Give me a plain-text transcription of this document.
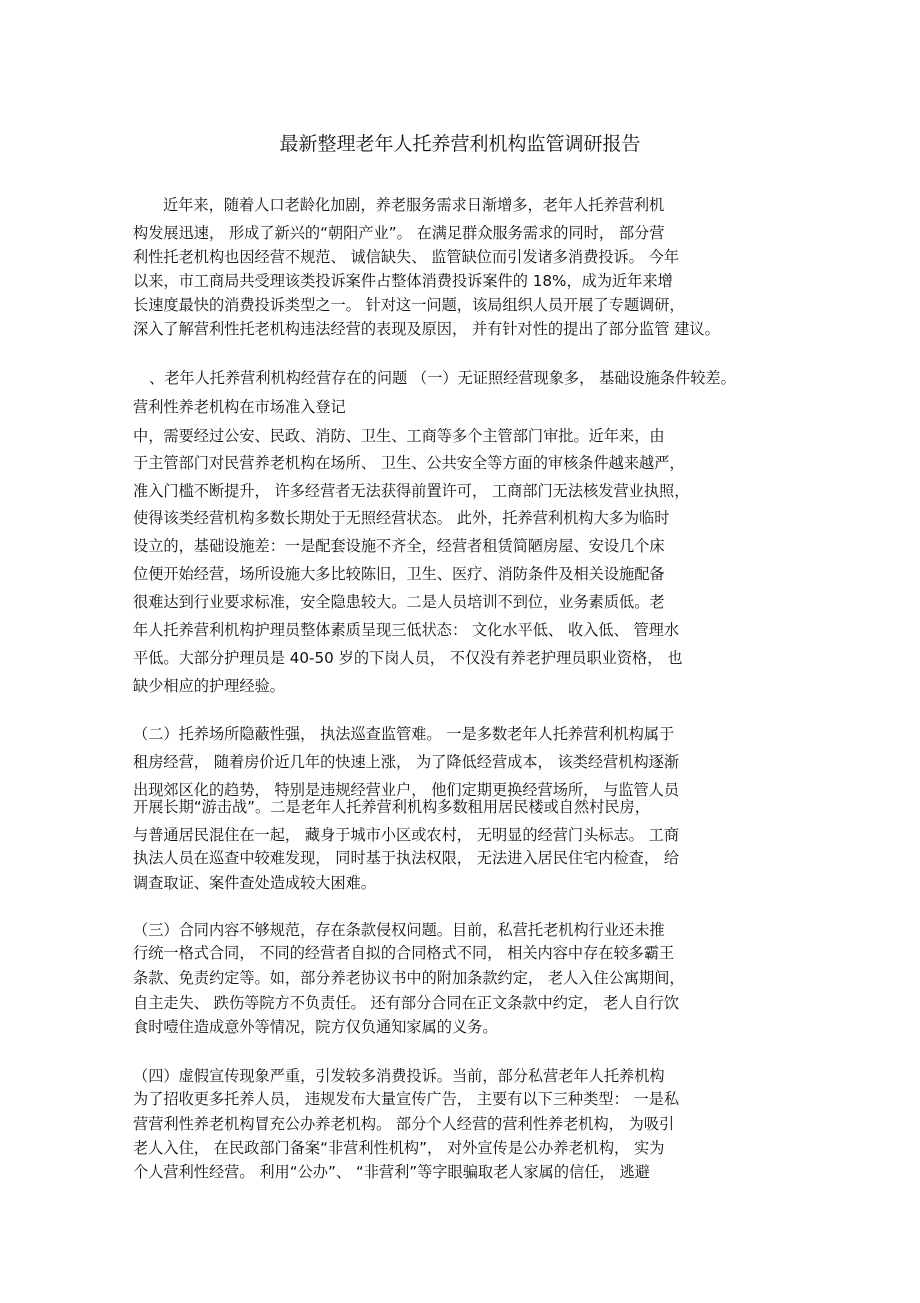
最新整理老年人托养营利机构监管调研报告
近年来，随着人口老龄化加剧，养老服务需求日渐增多，老年人托养营利机
构发展迅速， 形成了新兴的“朝阳产业”。 在满足群众服务需求的同时， 部分营
利性托老机构也因经营不规范、 诚信缺失、 监管缺位而引发诸多消费投诉。 今年
以来，市工商局共受理该类投诉案件占整体消费投诉案件的 18%，成为近年来增
长速度最快的消费投诉类型之一。 针对这一问题，该局组织人员开展了专题调研，
深入了解营利性托老机构违法经营的表现及原因， 并有针对性的提出了部分监管 建议。
、老年人托养营利机构经营存在的问题 （一）无证照经营现象多， 基础设施条件较差。
营利性养老机构在市场准入登记
中，需要经过公安、民政、消防、卫生、工商等多个主管部门审批。近年来，由
于主管部门对民营养老机构在场所、 卫生、公共安全等方面的审核条件越来越严，
准入门槛不断提升， 许多经营者无法获得前置许可， 工商部门无法核发营业执照，
使得该类经营机构多数长期处于无照经营状态。 此外，托养营利机构大多为临时
设立的，基础设施差：一是配套设施不齐全，经营者租赁简陋房屋、安设几个床
位便开始经营，场所设施大多比较陈旧，卫生、医疗、消防条件及相关设施配备
很难达到行业要求标准，安全隐患较大。二是人员培训不到位，业务素质低。老
年人托养营利机构护理员整体素质呈现三低状态： 文化水平低、 收入低、 管理水
平低。大部分护理员是 40-50 岁的下岗人员， 不仅没有养老护理员职业资格， 也
缺少相应的护理经验。
（二）托养场所隐蔽性强， 执法巡查监管难。 一是多数老年人托养营利机构属于
租房经营， 随着房价近几年的快速上涨， 为了降低经营成本， 该类经营机构逐渐
出现郊区化的趋势， 特别是违规经营业户， 他们定期更换经营场所， 与监管人员
开展长期“游击战”。二是老年人托养营利机构多数租用居民楼或自然村民房，
与普通居民混住在一起， 藏身于城市小区或农村， 无明显的经营门头标志。 工商
执法人员在巡查中较难发现， 同时基于执法权限， 无法进入居民住宅内检查， 给
调查取证、案件查处造成较大困难。
（三）合同内容不够规范，存在条款侵权问题。目前，私营托老机构行业还未推
行统一格式合同， 不同的经营者自拟的合同格式不同， 相关内容中存在较多霸王
条款、免责约定等。如，部分养老协议书中的附加条款约定， 老人入住公寓期间，
自主走失、 跌伤等院方不负责任。 还有部分合同在正文条款中约定， 老人自行饮
食时噎住造成意外等情况，院方仅负通知家属的义务。
（四）虚假宣传现象严重，引发较多消费投诉。当前，部分私营老年人托养机构
为了招收更多托养人员， 违规发布大量宣传广告， 主要有以下三种类型： 一是私
营营利性养老机构冒充公办养老机构。 部分个人经营的营利性养老机构， 为吸引
老人入住， 在民政部门备案“非营利性机构”， 对外宣传是公办养老机构， 实为
个人营利性经营。 利用“公办”、 “非营利”等字眼骗取老人家属的信任， 逃避
